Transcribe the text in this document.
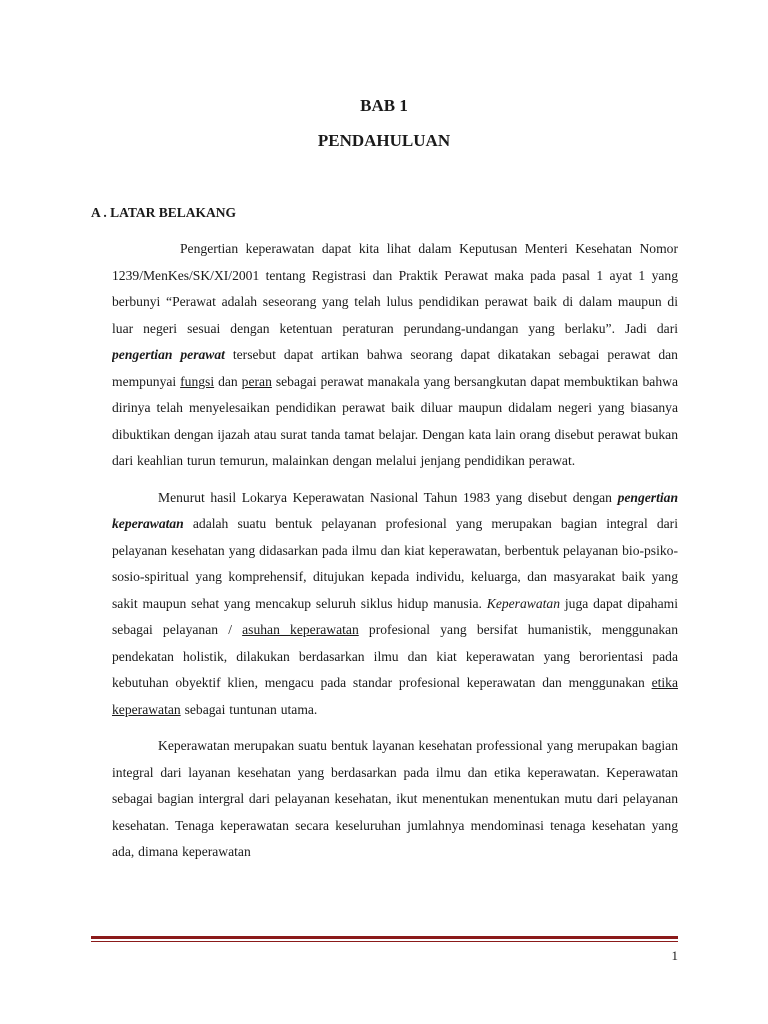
BAB 1
PENDAHULUAN
A . LATAR BELAKANG

Pengertian keperawatan dapat kita lihat dalam Keputusan Menteri Kesehatan Nomor 1239/MenKes/SK/XI/2001 tentang Registrasi dan Praktik Perawat maka pada pasal 1 ayat 1 yang berbunyi “Perawat adalah seseorang yang telah lulus pendidikan perawat baik di dalam maupun di luar negeri sesuai dengan ketentuan peraturan perundang-undangan yang berlaku”. Jadi dari pengertian perawat tersebut dapat artikan bahwa seorang dapat dikatakan sebagai perawat dan mempunyai fungsi dan peran sebagai perawat manakala yang bersangkutan dapat membuktikan bahwa dirinya telah menyelesaikan pendidikan perawat baik diluar maupun didalam negeri yang biasanya dibuktikan dengan ijazah atau surat tanda tamat belajar. Dengan kata lain orang disebut perawat bukan dari keahlian turun temurun, malainkan dengan melalui jenjang pendidikan perawat.

Menurut hasil Lokarya Keperawatan Nasional Tahun 1983 yang disebut dengan pengertian keperawatan adalah suatu bentuk pelayanan profesional yang merupakan bagian integral dari pelayanan kesehatan yang didasarkan pada ilmu dan kiat keperawatan, berbentuk pelayanan bio-psiko-sosio-spiritual yang komprehensif, ditujukan kepada individu, keluarga, dan masyarakat baik yang sakit maupun sehat yang mencakup seluruh siklus hidup manusia. Keperawatan juga dapat dipahami sebagai pelayanan / asuhan keperawatan profesional yang bersifat humanistik, menggunakan pendekatan holistik, dilakukan berdasarkan ilmu dan kiat keperawatan yang berorientasi pada kebutuhan obyektif klien, mengacu pada standar profesional keperawatan dan menggunakan etika keperawatan sebagai tuntunan utama.

Keperawatan merupakan suatu bentuk layanan kesehatan professional yang merupakan bagian integral dari layanan kesehatan yang berdasarkan pada ilmu dan etika keperawatan. Keperawatan sebagai bagian intergral dari pelayanan kesehatan, ikut menentukan menentukan mutu dari pelayanan kesehatan. Tenaga keperawatan secara keseluruhan jumlahnya mendominasi tenaga kesehatan yang ada, dimana keperawatan

1
